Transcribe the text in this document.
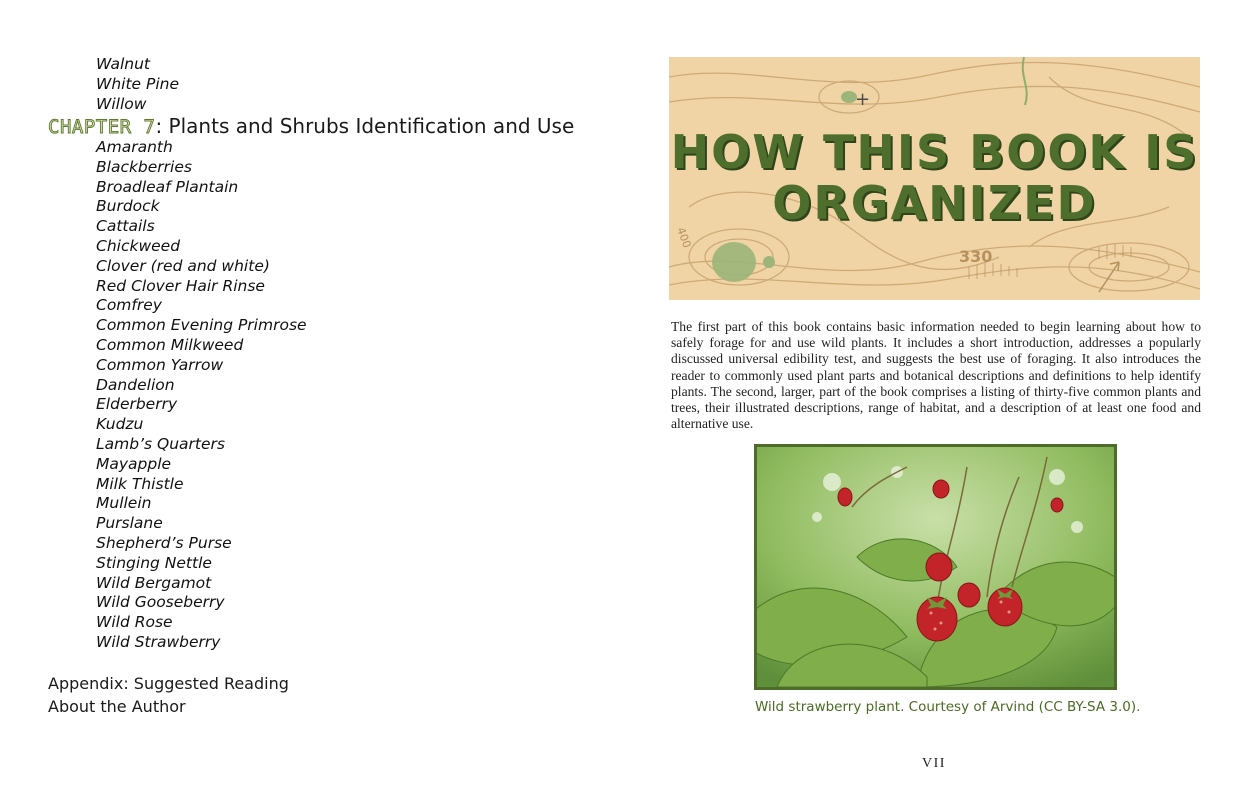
Walnut
White Pine
Willow
CHAPTER 7: Plants and Shrubs Identification and Use
Amaranth
Blackberries
Broadleaf Plantain
Burdock
Cattails
Chickweed
Clover (red and white)
Red Clover Hair Rinse
Comfrey
Common Evening Primrose
Common Milkweed
Common Yarrow
Dandelion
Elderberry
Kudzu
Lamb’s Quarters
Mayapple
Milk Thistle
Mullein
Purslane
Shepherd’s Purse
Stinging Nettle
Wild Bergamot
Wild Gooseberry
Wild Rose
Wild Strawberry
Appendix: Suggested Reading
About the Author
+
330
400
HOW THIS BOOK IS
ORGANIZED

The first part of this book contains basic information needed to begin learning about how to safely forage for and use wild plants. It includes a short introduction, addresses a popularly discussed universal edibility test, and suggests the best use of foraging. It also introduces the reader to commonly used plant parts and botanical descriptions and definitions to help identify plants. The second, larger, part of the book comprises a listing of thirty-five common plants and trees, their illustrated descriptions, range of habitat, and a description of at least one food and alternative use.

Wild strawberry plant. Courtesy of Arvind (CC BY-SA 3.0).
VII
